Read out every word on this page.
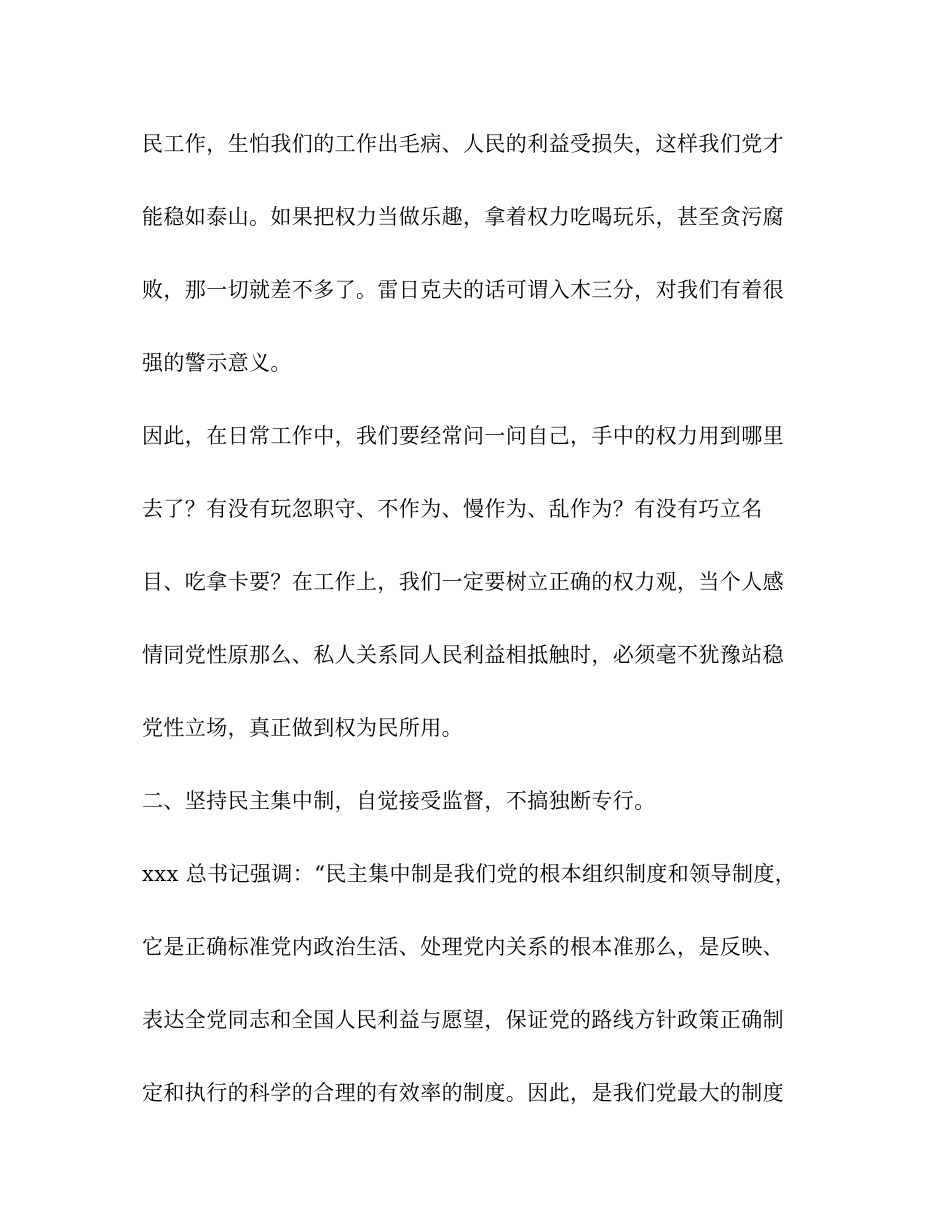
民工作，生怕我们的工作出毛病、人民的利益受损失，这样我们党才
能稳如泰山。如果把权力当做乐趣，拿着权力吃喝玩乐，甚至贪污腐
败，那一切就差不多了。雷日克夫的话可谓入木三分，对我们有着很
强的警示意义。
因此，在日常工作中，我们要经常问一问自己，手中的权力用到哪里
去了？有没有玩忽职守、不作为、慢作为、乱作为？有没有巧立名
目、吃拿卡要？在工作上，我们一定要树立正确的权力观，当个人感
情同党性原那么、私人关系同人民利益相抵触时，必须毫不犹豫站稳
党性立场，真正做到权为民所用。
二、坚持民主集中制，自觉接受监督，不搞独断专行。
xxx 总书记强调：“民主集中制是我们党的根本组织制度和领导制度，
它是正确标准党内政治生活、处理党内关系的根本准那么，是反映、
表达全党同志和全国人民利益与愿望，保证党的路线方针政策正确制
定和执行的科学的合理的有效率的制度。因此，是我们党最大的制度
